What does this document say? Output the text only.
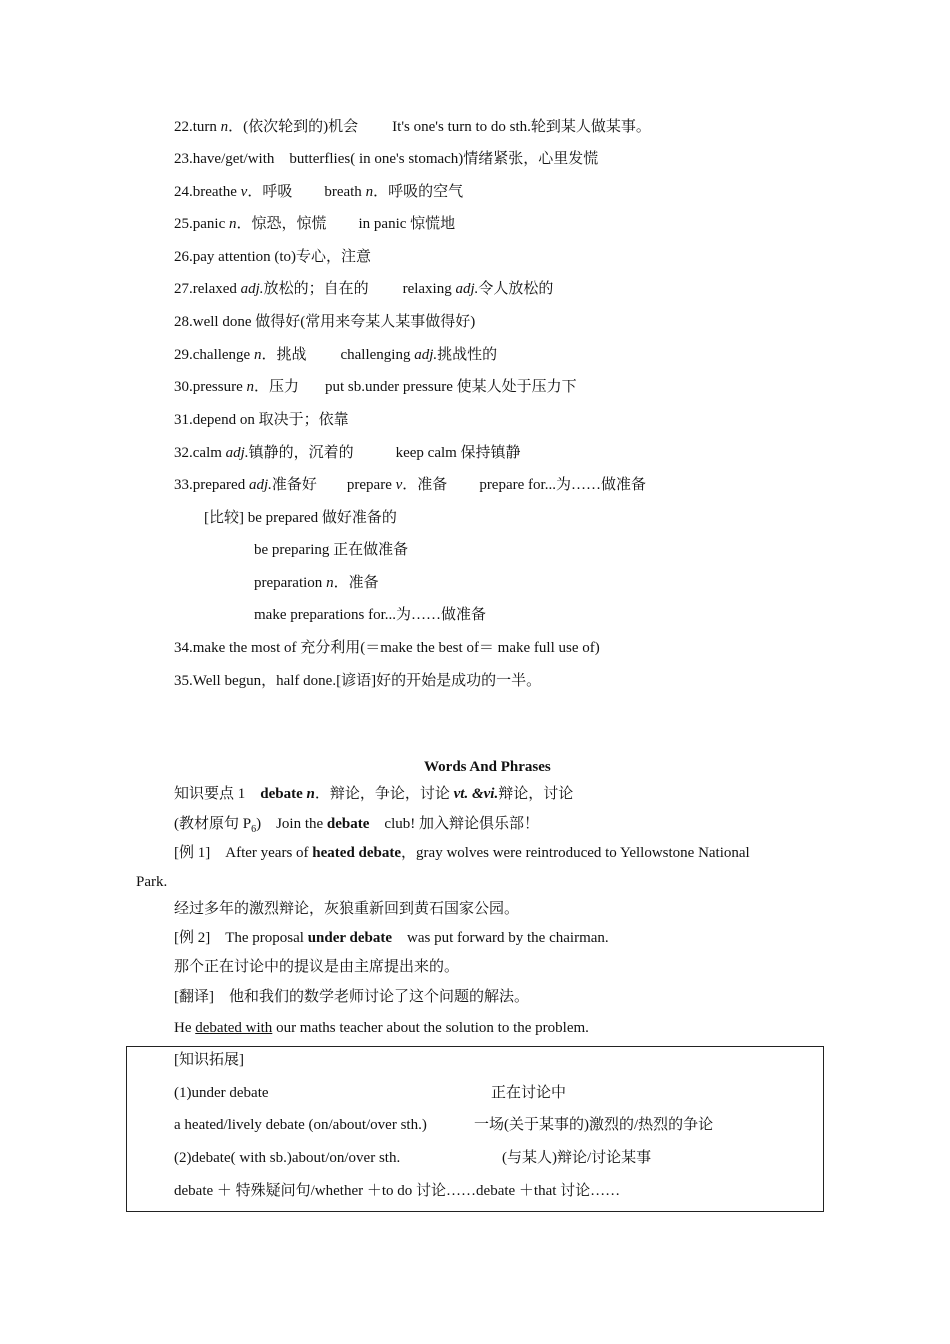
22.turn n．(依次轮到的)机会 It's one's turn to do sth.轮到某人做某事。
23.have/get/with　butterflies( in one's stomach)情绪紧张，心里发慌
24.breathe v．呼吸 breath n．呼吸的空气
25.panic n．惊恐，惊慌 in panic 惊慌地
26.pay attention (to)专心，注意
27.relaxed adj.放松的；自在的 relaxing adj.令人放松的
28.well done 做得好(常用来夸某人某事做得好)
29.challenge n．挑战 challenging adj.挑战性的
30.pressure n．压力 put sb.under pressure 使某人处于压力下
31.depend on 取决于；依靠
32.calm adj.镇静的，沉着的	keep calm 保持镇静
33.prepared adj.准备好 prepare v．准备 prepare for...为……做准备
[比较] be prepared 做好准备的
be preparing 正在做准备
preparation n．准备
make preparations for...为……做准备
34.make the most of 充分利用(＝make the best of＝ make full use of)
35.Well begun，half done.[谚语]好的开始是成功的一半。
Words And Phrases
知识要点 1　debate n．辩论，争论，讨论 vt. &vi.辩论，讨论
(教材原句 $P_6$)　Join the debate　club! 加入辩论俱乐部！
[例 1]　After years of heated debate，gray wolves were reintroduced to Yellowstone National
Park.
经过多年的激烈辩论，灰狼重新回到黄石国家公园。
[例 2]　The proposal under debate　was put forward by the chairman.
那个正在讨论中的提议是由主席提出来的。
[翻译]　他和我们的数学老师讨论了这个问题的解法。
He debated with our maths teacher about the solution to the problem.
[知识拓展]
(1)under debate	正在讨论中
a heated/lively debate (on/about/over sth.)	一场(关于某事的)激烈的/热烈的争论
(2)debate( with sb.)about/on/over sth.	(与某人)辩论/讨论某事
debate ＋ 特殊疑问句/whether ＋to do 讨论……debate ＋that 讨论……
